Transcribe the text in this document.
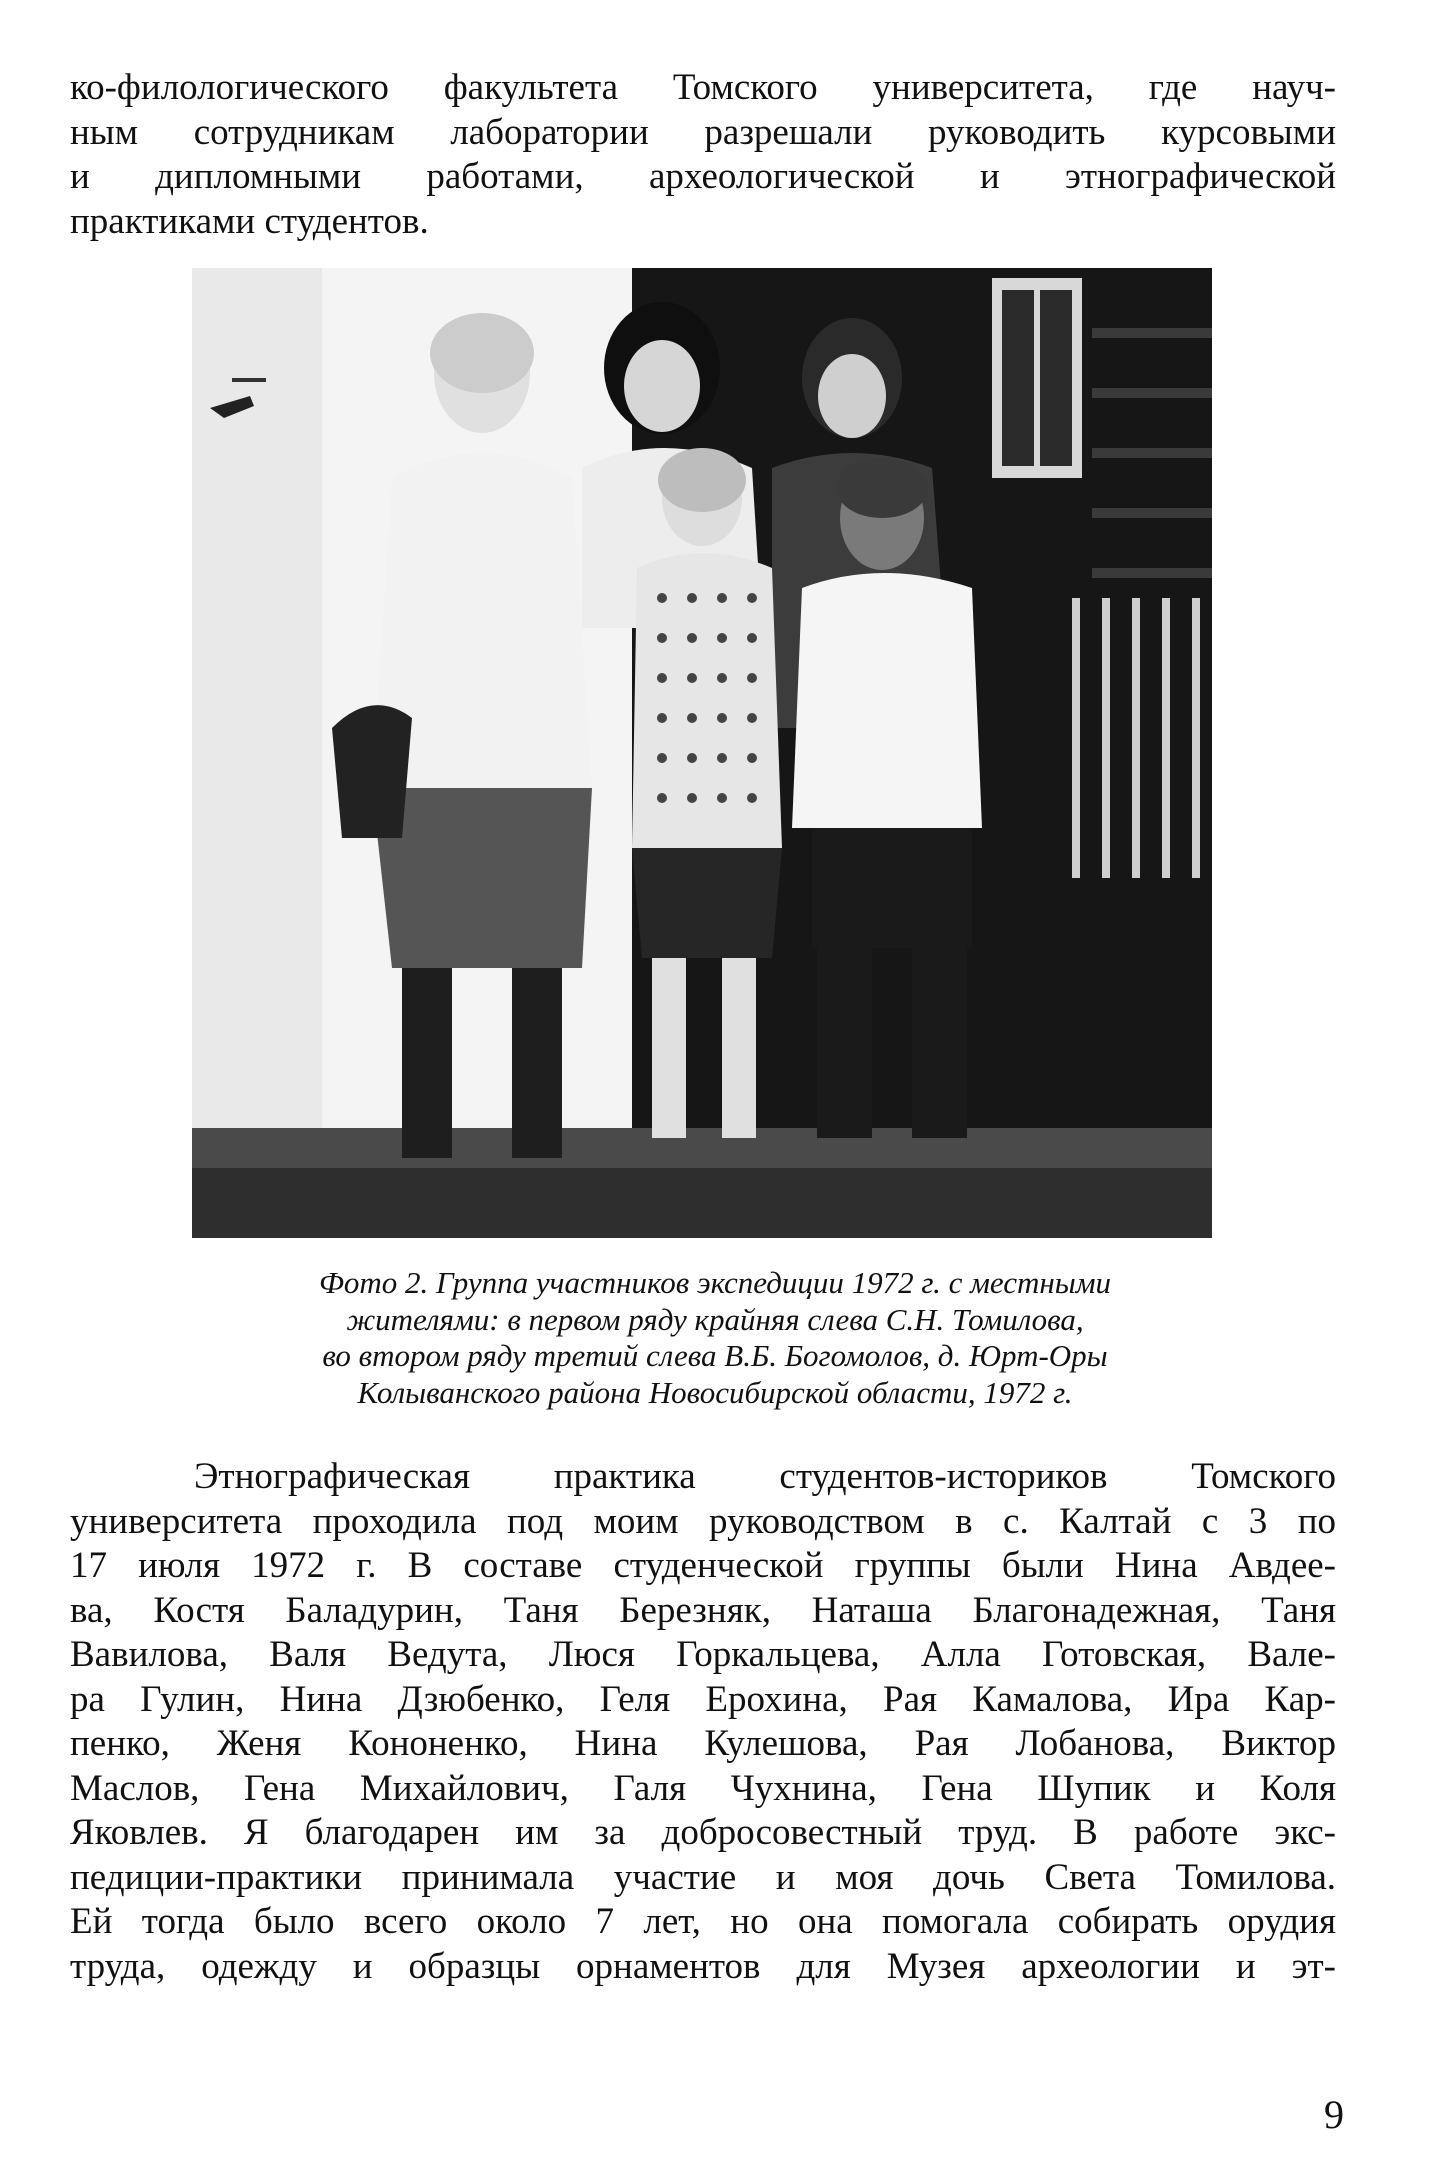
ко-филологического факультета Томского университета, где науч-
ным сотрудникам лаборатории разрешали руководить курсовыми
и дипломными работами, археологической и этнографической
практиками студентов.

Фото 2. Группа участников экспедиции 1972 г. с местными
жителями: в первом ряду крайняя слева С.Н. Томилова,
во втором ряду третий слева В.Б. Богомолов, д. Юрт-Оры
Колыванского района Новосибирской области, 1972 г.

Этнографическая практика студентов-историков Томского
университета проходила под моим руководством в с. Калтай с 3 по
17 июля 1972 г. В составе студенческой группы были Нина Авдее-
ва, Костя Баладурин, Таня Березняк, Наташа Благонадежная, Таня
Вавилова, Валя Ведута, Люся Горкальцева, Алла Готовская, Вале-
ра Гулин, Нина Дзюбенко, Геля Ерохина, Рая Камалова, Ира Кар-
пенко, Женя Кононенко, Нина Кулешова, Рая Лобанова, Виктор
Маслов, Гена Михайлович, Галя Чухнина, Гена Шупик и Коля
Яковлев. Я благодарен им за добросовестный труд. В работе экс-
педиции-практики принимала участие и моя дочь Света Томилова.
Ей тогда было всего около 7 лет, но она помогала собирать орудия
труда, одежду и образцы орнаментов для Музея археологии и эт-

9
